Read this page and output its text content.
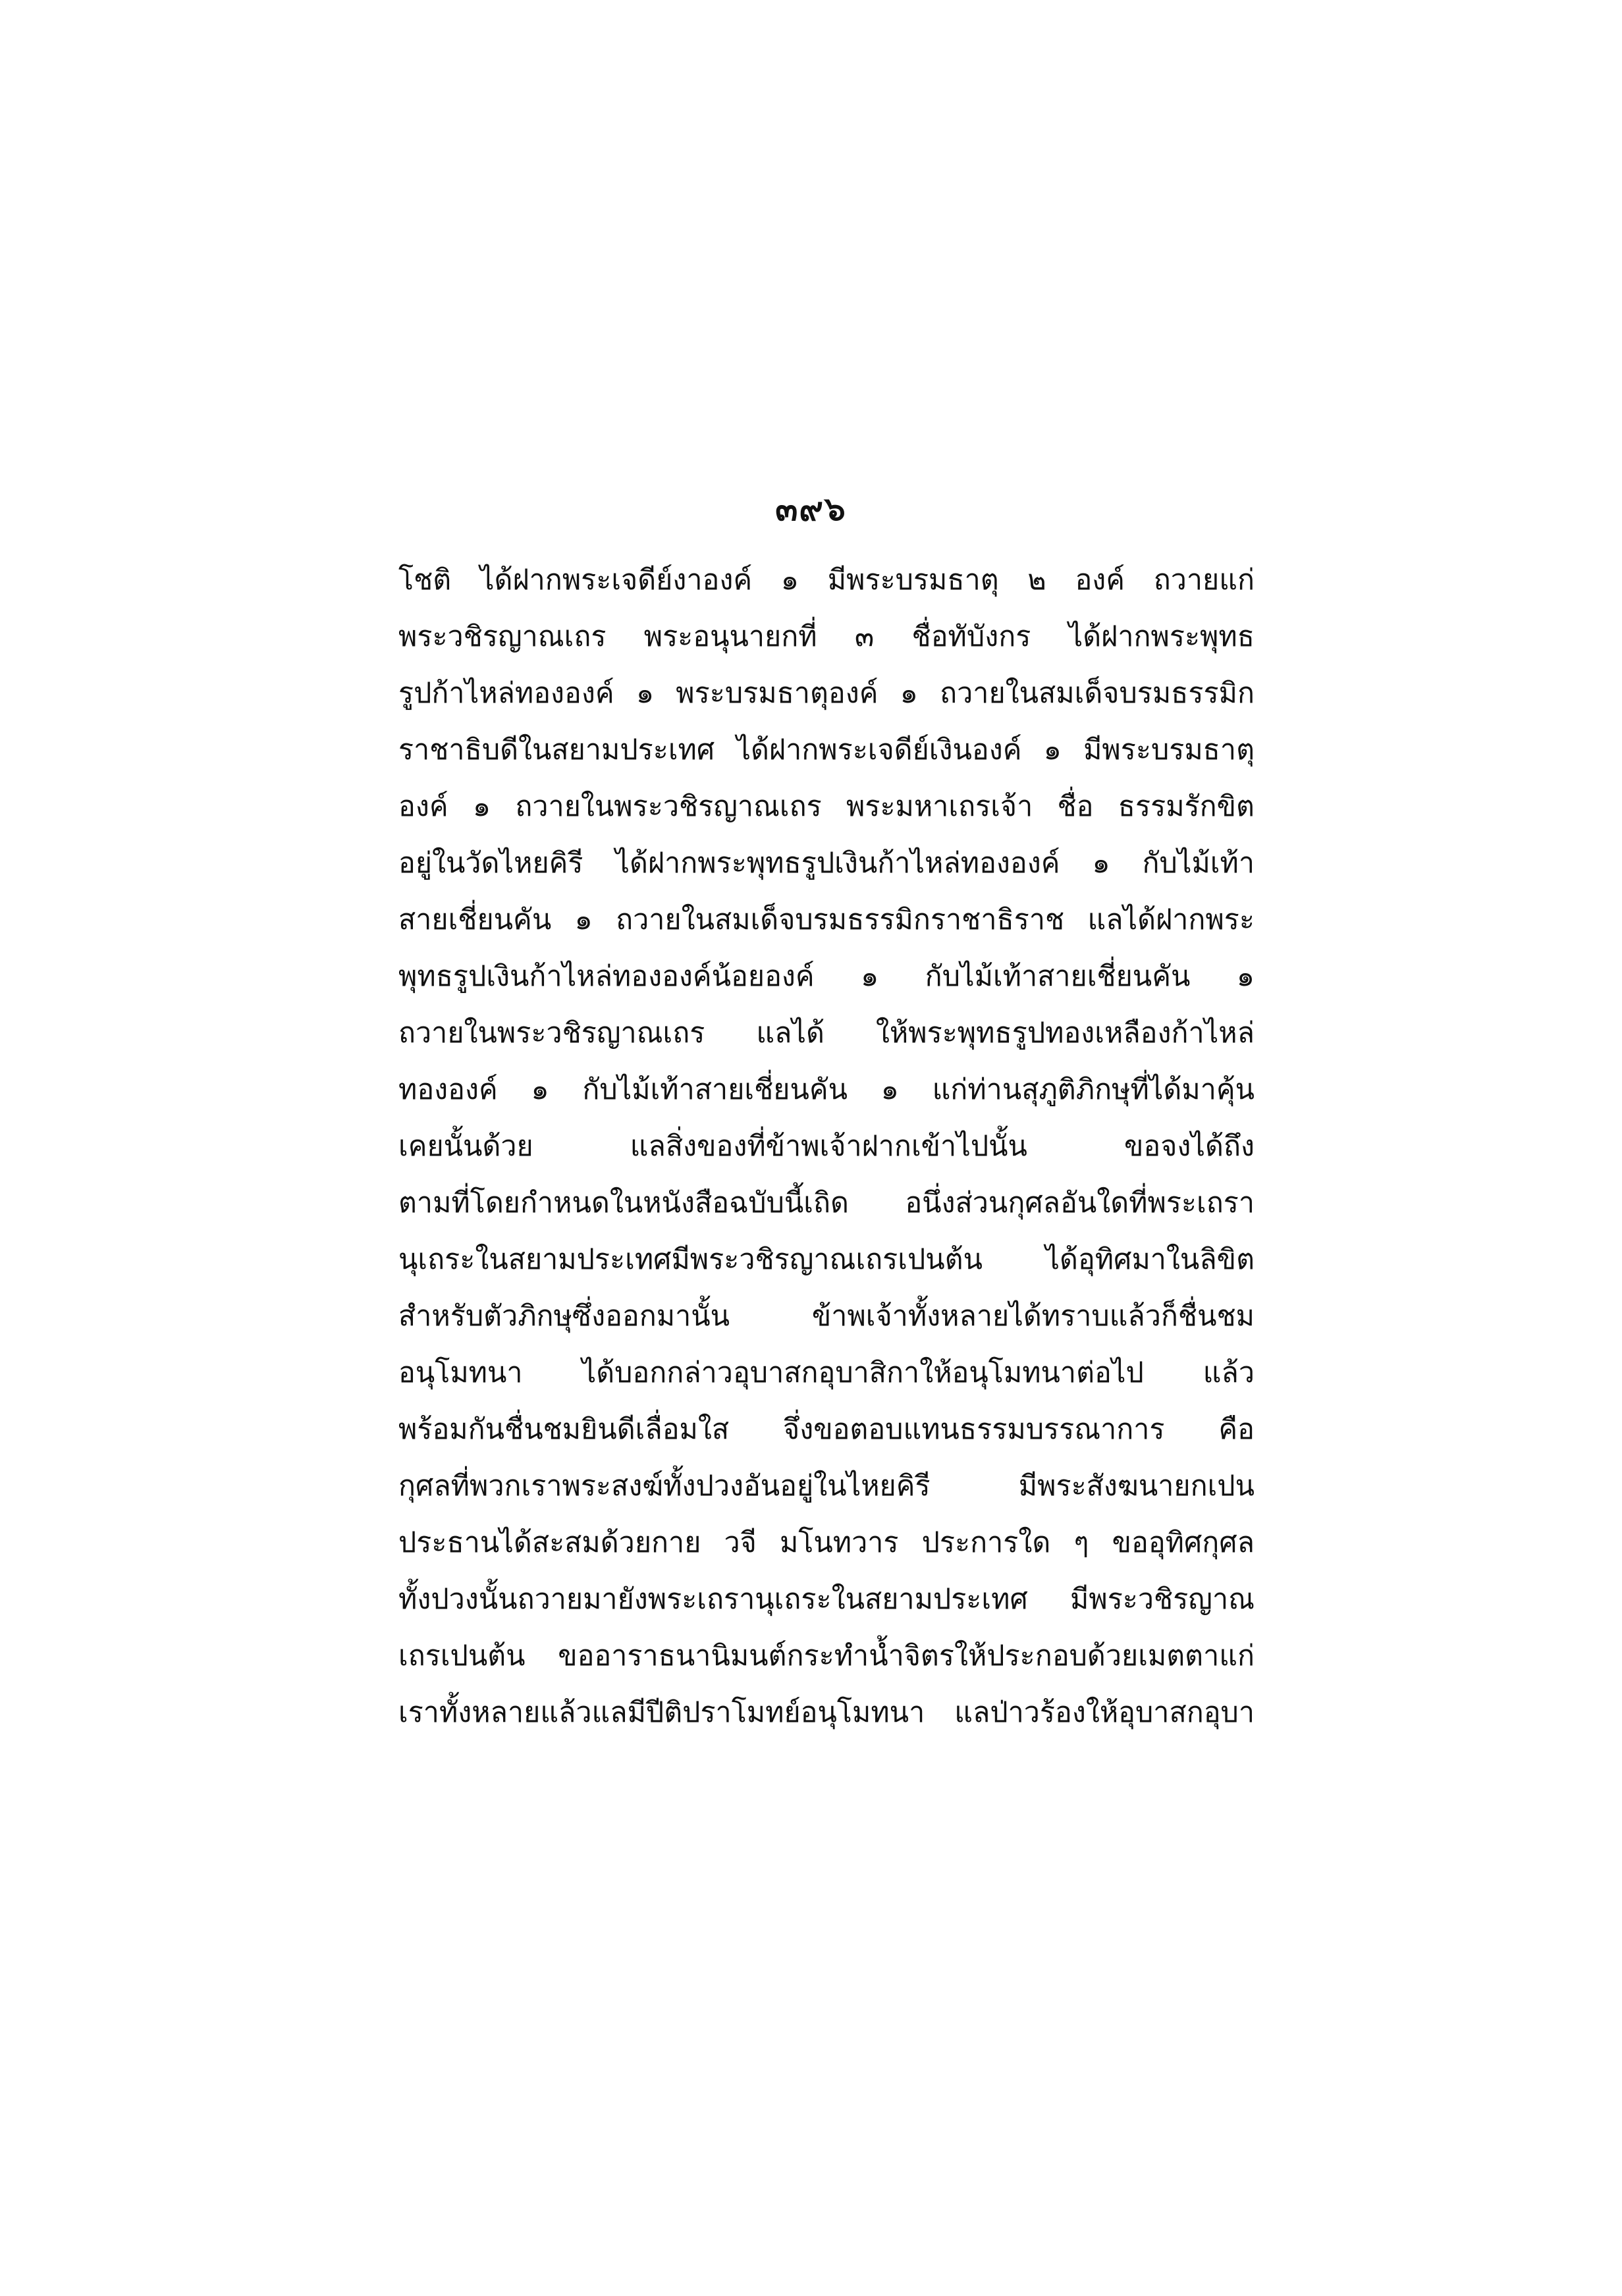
๓๙๖
โชติ ได้ฝากพระเจดีย์งาองค์ ๑ มีพระบรมธาตุ ๒ องค์ ถวายแก่
พระวชิรญาณเถร พระอนุนายกที่ ๓ ชื่อทับังกร ได้ฝากพระพุทธ
รูปก้าไหล่ทององค์ ๑ พระบรมธาตุองค์ ๑ ถวายในสมเด็จบรมธรรมิก
ราชาธิบดีในสยามประเทศ ได้ฝากพระเจดีย์เงินองค์ ๑ มีพระบรมธาตุ
องค์ ๑ ถวายในพระวชิรญาณเถร พระมหาเถรเจ้า ชื่อ ธรรมรักขิต
อยู่ในวัดไหยคิรี ได้ฝากพระพุทธรูปเงินก้าไหล่ทององค์ ๑ กับไม้เท้า
สายเชี่ยนคัน ๑ ถวายในสมเด็จบรมธรรมิกราชาธิราช แลได้ฝากพระ
พุทธรูปเงินก้าไหล่ทององค์น้อยองค์ ๑ กับไม้เท้าสายเชี่ยนคัน ๑
ถวายในพระวชิรญาณเถร แลได้ ให้พระพุทธรูปทองเหลืองก้าไหล่
ทององค์ ๑ กับไม้เท้าสายเชี่ยนคัน ๑ แก่ท่านสุภูติภิกษุที่ได้มาคุ้น
เคยนั้นด้วย แลสิ่งของที่ข้าพเจ้าฝากเข้าไปนั้น ขอจงได้ถึง
ตามที่โดยกำหนดในหนังสือฉบับนี้เถิด อนึ่งส่วนกุศลอันใดที่พระเถรา
นุเถระในสยามประเทศมีพระวชิรญาณเถรเปนต้น ได้อุทิศมาในลิขิต
สำหรับตัวภิกษุซึ่งออกมานั้น ข้าพเจ้าทั้งหลายได้ทราบแล้วก็ชื่นชม
อนุโมทนา ได้บอกกล่าวอุบาสกอุบาสิกาให้อนุโมทนาต่อไป แล้ว
พร้อมกันชื่นชมยินดีเลื่อมใส จึ่งขอตอบแทนธรรมบรรณาการ คือ
กุศลที่พวกเราพระสงฆ์ทั้งปวงอันอยู่ในไหยคิรี มีพระสังฆนายกเปน
ประธานได้สะสมด้วยกาย วจี มโนทวาร ประการใด ๆ ขออุทิศกุศล
ทั้งปวงนั้นถวายมายังพระเถรานุเถระในสยามประเทศ มีพระวชิรญาณ
เถรเปนต้น ขออาราธนานิมนต์กระทำน้ำจิตรให้ประกอบด้วยเมตตาแก่
เราทั้งหลายแล้วแลมีปีติปราโมทย์อนุโมทนา แลป่าวร้องให้อุบาสกอุบา
